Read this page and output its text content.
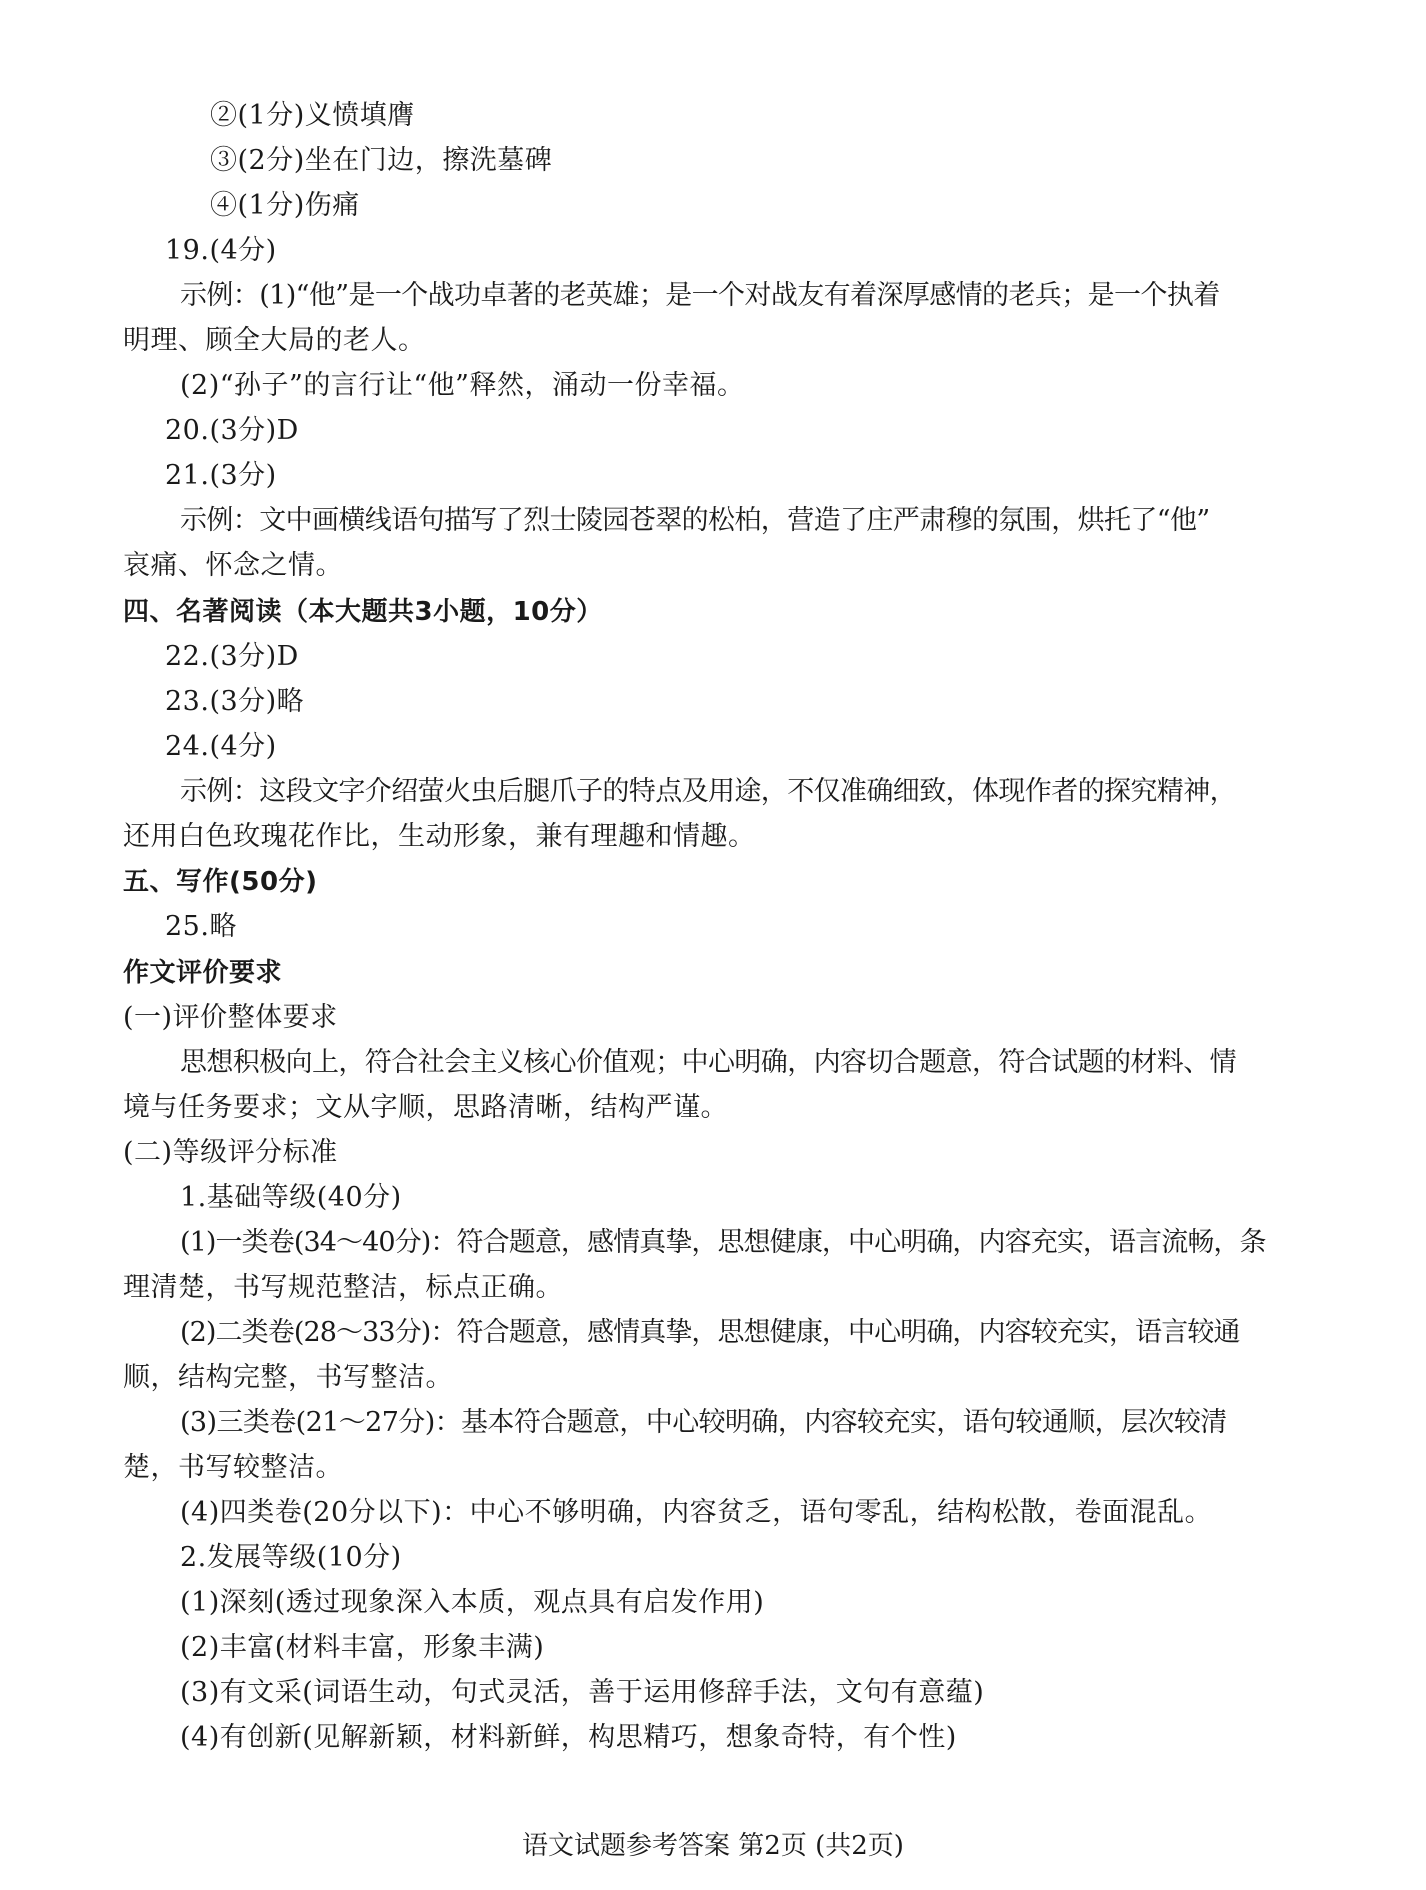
②(1分)义愤填膺
③(2分)坐在门边，擦洗墓碑
④(1分)伤痛
19.(4分)
示例：(1)“他”是一个战功卓著的老英雄；是一个对战友有着深厚感情的老兵；是一个执着
明理、顾全大局的老人。
(2)“孙子”的言行让“他”释然，涌动一份幸福。
20.(3分)D
21.(3分)
示例：文中画横线语句描写了烈士陵园苍翠的松柏，营造了庄严肃穆的氛围，烘托了“他”
哀痛、怀念之情。
四、名著阅读（本大题共3小题，10分）
22.(3分)D
23.(3分)略
24.(4分)
示例：这段文字介绍萤火虫后腿爪子的特点及用途，不仅准确细致，体现作者的探究精神，
还用白色玫瑰花作比，生动形象，兼有理趣和情趣。
五、写作(50分)
25.略
作文评价要求
(一)评价整体要求
思想积极向上，符合社会主义核心价值观；中心明确，内容切合题意，符合试题的材料、情
境与任务要求；文从字顺，思路清晰，结构严谨。
(二)等级评分标准
1.基础等级(40分)
(1)一类卷(34～40分)：符合题意，感情真挚，思想健康，中心明确，内容充实，语言流畅，条
理清楚，书写规范整洁，标点正确。
(2)二类卷(28～33分)：符合题意，感情真挚，思想健康，中心明确，内容较充实，语言较通
顺，结构完整，书写整洁。
(3)三类卷(21～27分)：基本符合题意，中心较明确，内容较充实，语句较通顺，层次较清
楚，书写较整洁。
(4)四类卷(20分以下)：中心不够明确，内容贫乏，语句零乱，结构松散，卷面混乱。
2.发展等级(10分)
(1)深刻(透过现象深入本质，观点具有启发作用)
(2)丰富(材料丰富，形象丰满)
(3)有文采(词语生动，句式灵活，善于运用修辞手法，文句有意蕴)
(4)有创新(见解新颖，材料新鲜，构思精巧，想象奇特，有个性)
语文试题参考答案 第2页 (共2页)
